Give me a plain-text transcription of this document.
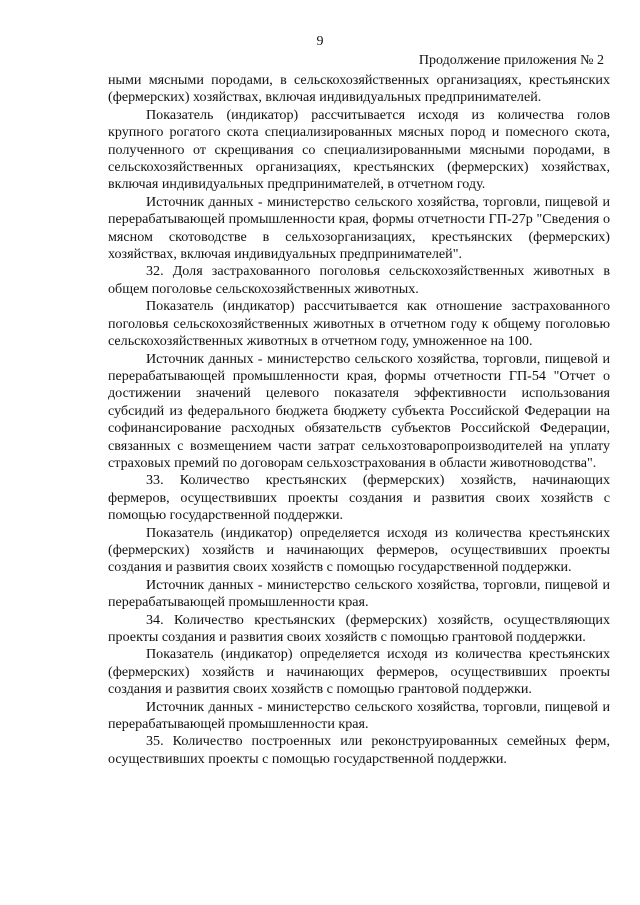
9
Продолжение приложения № 2

ными мясными породами, в сельскохозяйственных организациях, крестьянских (фермерских) хозяйствах, включая индивидуальных предпринимателей.

Показатель (индикатор) рассчитывается исходя из количества голов крупного рогатого скота специализированных мясных пород и помесного скота, полученного от скрещивания со специализированными мясными породами, в сельскохозяйственных организациях, крестьянских (фермерских) хозяйствах, включая индивидуальных предпринимателей, в отчетном году.

Источник данных - министерство сельского хозяйства, торговли, пищевой и перерабатывающей промышленности края, формы отчетности ГП-27р "Сведения о мясном скотоводстве в сельхозорганизациях, крестьянских (фермерских) хозяйствах, включая индивидуальных предпринимателей".

32. Доля застрахованного поголовья сельскохозяйственных животных в общем поголовье сельскохозяйственных животных.

Показатель (индикатор) рассчитывается как отношение застрахованного поголовья сельскохозяйственных животных в отчетном году к общему поголовью сельскохозяйственных животных в отчетном году, умноженное на 100.

Источник данных - министерство сельского хозяйства, торговли, пищевой и перерабатывающей промышленности края, формы отчетности ГП-54 "Отчет о достижении значений целевого показателя эффективности использования субсидий из федерального бюджета бюджету субъекта Российской Федерации на софинансирование расходных обязательств субъектов Российской Федерации, связанных с возмещением части затрат сельхозтоваропроизводителей на уплату страховых премий по договорам сельхозстрахования в области животноводства".

33. Количество крестьянских (фермерских) хозяйств, начинающих фермеров, осуществивших проекты создания и развития своих хозяйств с помощью государственной поддержки.

Показатель (индикатор) определяется исходя из количества крестьянских (фермерских) хозяйств и начинающих фермеров, осуществивших проекты создания и развития своих хозяйств с помощью государственной поддержки.

Источник данных - министерство сельского хозяйства, торговли, пищевой и перерабатывающей промышленности края.

34. Количество крестьянских (фермерских) хозяйств, осуществляющих проекты создания и развития своих хозяйств с помощью грантовой поддержки.

Показатель (индикатор) определяется исходя из количества крестьянских (фермерских) хозяйств и начинающих фермеров, осуществивших проекты создания и развития своих хозяйств с помощью грантовой поддержки.

Источник данных - министерство сельского хозяйства, торговли, пищевой и перерабатывающей промышленности края.

35. Количество построенных или реконструированных семейных ферм, осуществивших проекты с помощью государственной поддержки.
